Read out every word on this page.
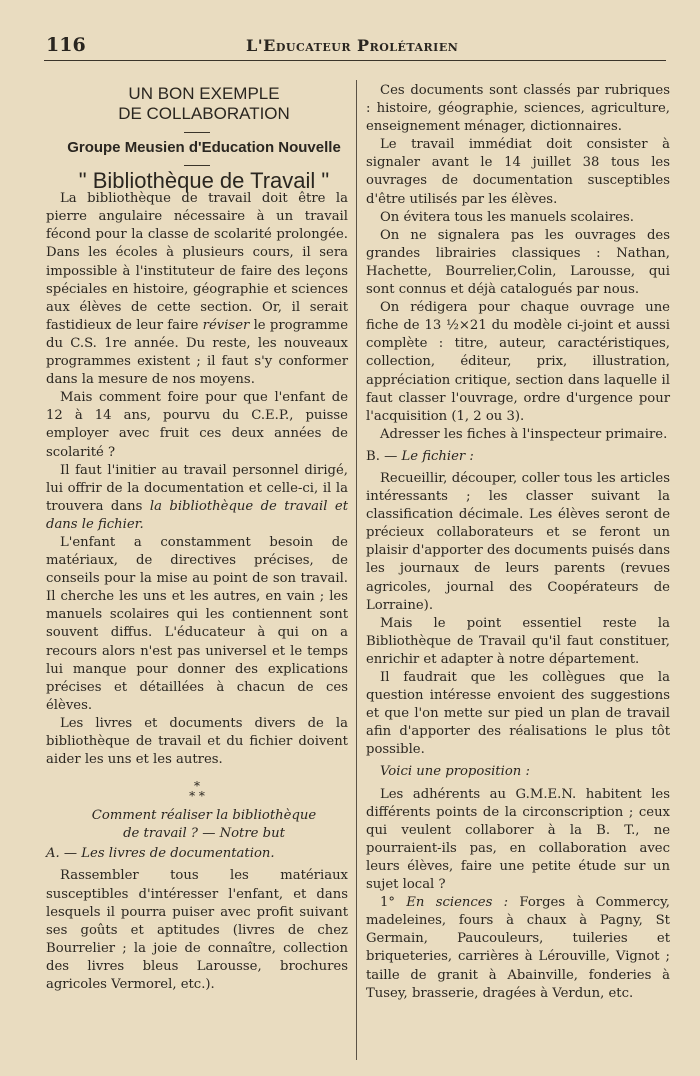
116	L'Educateur Prolétarien

UN BON EXEMPLE

DE COLLABORATION

Groupe Meusien d'Education Nouvelle

" Bibliothèque de Travail "

La bibliothèque de travail doit être la pierre angulaire nécessaire à un travail fécond pour la classe de scolarité prolongée. Dans les écoles à plusieurs cours, il sera impossible à l'instituteur de faire des leçons spéciales en histoire, géographie et sciences aux élèves de cette section. Or, il serait fastidieux de leur faire réviser le programme du C.S. 1re année. Du reste, les nouveaux programmes existent ; il faut s'y conformer dans la mesure de nos moyens.

Mais comment foire pour que l'enfant de 12 à 14 ans, pourvu du C.E.P., puisse employer avec fruit ces deux années de scolarité ?

Il faut l'initier au travail personnel dirigé, lui offrir de la documentation et celle-ci, il la trouvera dans la bibliothèque de travail et dans le fichier.

L'enfant a constamment besoin de matériaux, de directives précises, de conseils pour la mise au point de son travail. Il cherche les uns et les autres, en vain ; les manuels scolaires qui les contiennent sont souvent diffus. L'éducateur à qui on a recours alors n'est pas universel et le temps lui manque pour donner des explications précises et détaillées à chacun de ces élèves.

Les livres et documents divers de la bibliothèque de travail et du fichier doivent aider les uns et les autres.

*
* *

Comment réaliser la bibliothèque

de travail ? — Notre but

A. — Les livres de documentation.

Rassembler tous les matériaux susceptibles d'intéresser l'enfant, et dans lesquels il pourra puiser avec profit suivant ses goûts et aptitudes (livres de chez Bourrelier ; la joie de connaître, collection des livres bleus Larousse, brochures agricoles Vermorel, etc.).

Ces documents sont classés par rubriques : histoire, géographie, sciences, agriculture, enseignement ménager, dictionnaires.

Le travail immédiat doit consister à signaler avant le 14 juillet 38 tous les ouvrages de documentation susceptibles d'être utilisés par les élèves.

On évitera tous les manuels scolaires.

On ne signalera pas les ouvrages des grandes librairies classiques : Nathan, Hachette, Bourrelier,Colin, Larousse, qui sont connus et déjà catalogués par nous.

On rédigera pour chaque ouvrage une fiche de 13 ½×21 du modèle ci-joint et aussi complète : titre, auteur, caractéristiques, collection, éditeur, prix, illustration, appréciation critique, section dans laquelle il faut classer l'ouvrage, ordre d'urgence pour l'acquisition (1, 2 ou 3).

Adresser les fiches à l'inspecteur primaire.

B. — Le fichier :

Recueillir, découper, coller tous les articles intéressants ; les classer suivant la classification décimale. Les élèves seront de précieux collaborateurs et se feront un plaisir d'apporter des documents puisés dans les journaux de leurs parents (revues agricoles, journal des Coopérateurs de Lorraine).

Mais le point essentiel reste la Bibliothèque de Travail qu'il faut constituer, enrichir et adapter à notre département.

Il faudrait que les collègues que la question intéresse envoient des suggestions et que l'on mette sur pied un plan de travail afin d'apporter des réalisations le plus tôt possible.

Voici une proposition :

Les adhérents au G.M.E.N. habitent les différents points de la circonscription ; ceux qui veulent collaborer à la B. T., ne pourraient-ils pas, en collaboration avec leurs élèves, faire une petite étude sur un sujet local ?

1° En sciences : Forges à Commercy, madeleines, fours à chaux à Pagny, St Germain, Paucouleurs, tuileries et briqueteries, carrières à Lérouville, Vignot ; taille de granit à Abainville, fonderies à Tusey, brasserie, dragées à Verdun, etc.
